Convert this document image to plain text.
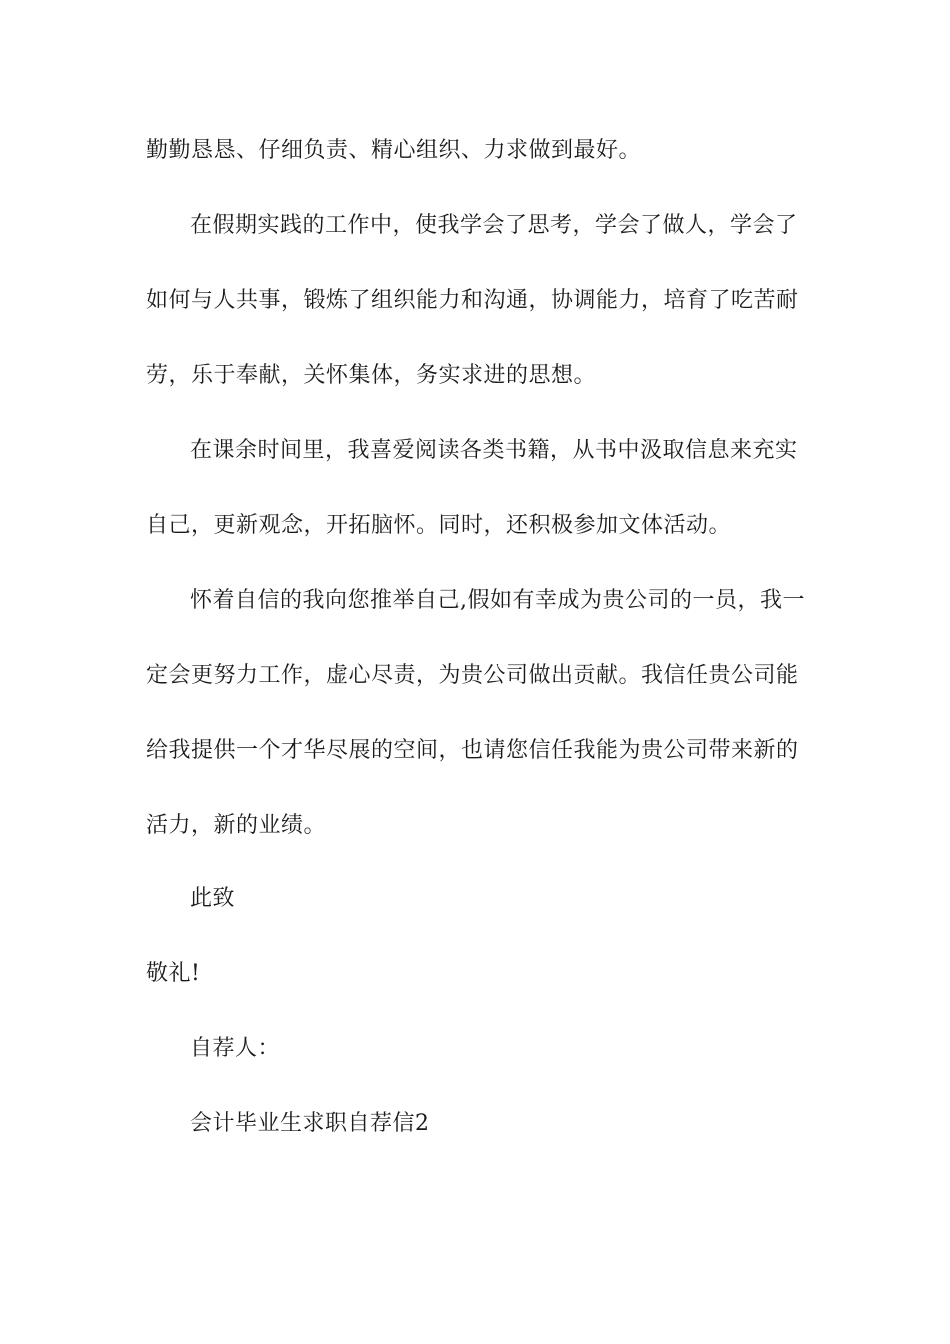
勤勤恳恳、仔细负责、精心组织、力求做到最好。

在假期实践的工作中，使我学会了思考，学会了做人，学会了

如何与人共事，锻炼了组织能力和沟通，协调能力，培育了吃苦耐

劳，乐于奉献，关怀集体，务实求进的思想。

在课余时间里，我喜爱阅读各类书籍，从书中汲取信息来充实

自己，更新观念，开拓脑怀。同时，还积极参加文体活动。

怀着自信的我向您推举自己,假如有幸成为贵公司的一员，我一

定会更努力工作，虚心尽责，为贵公司做出贡献。我信任贵公司能

给我提供一个才华尽展的空间，也请您信任我能为贵公司带来新的

活力，新的业绩。

此致

敬礼!

自荐人：

会计毕业生求职自荐信2
